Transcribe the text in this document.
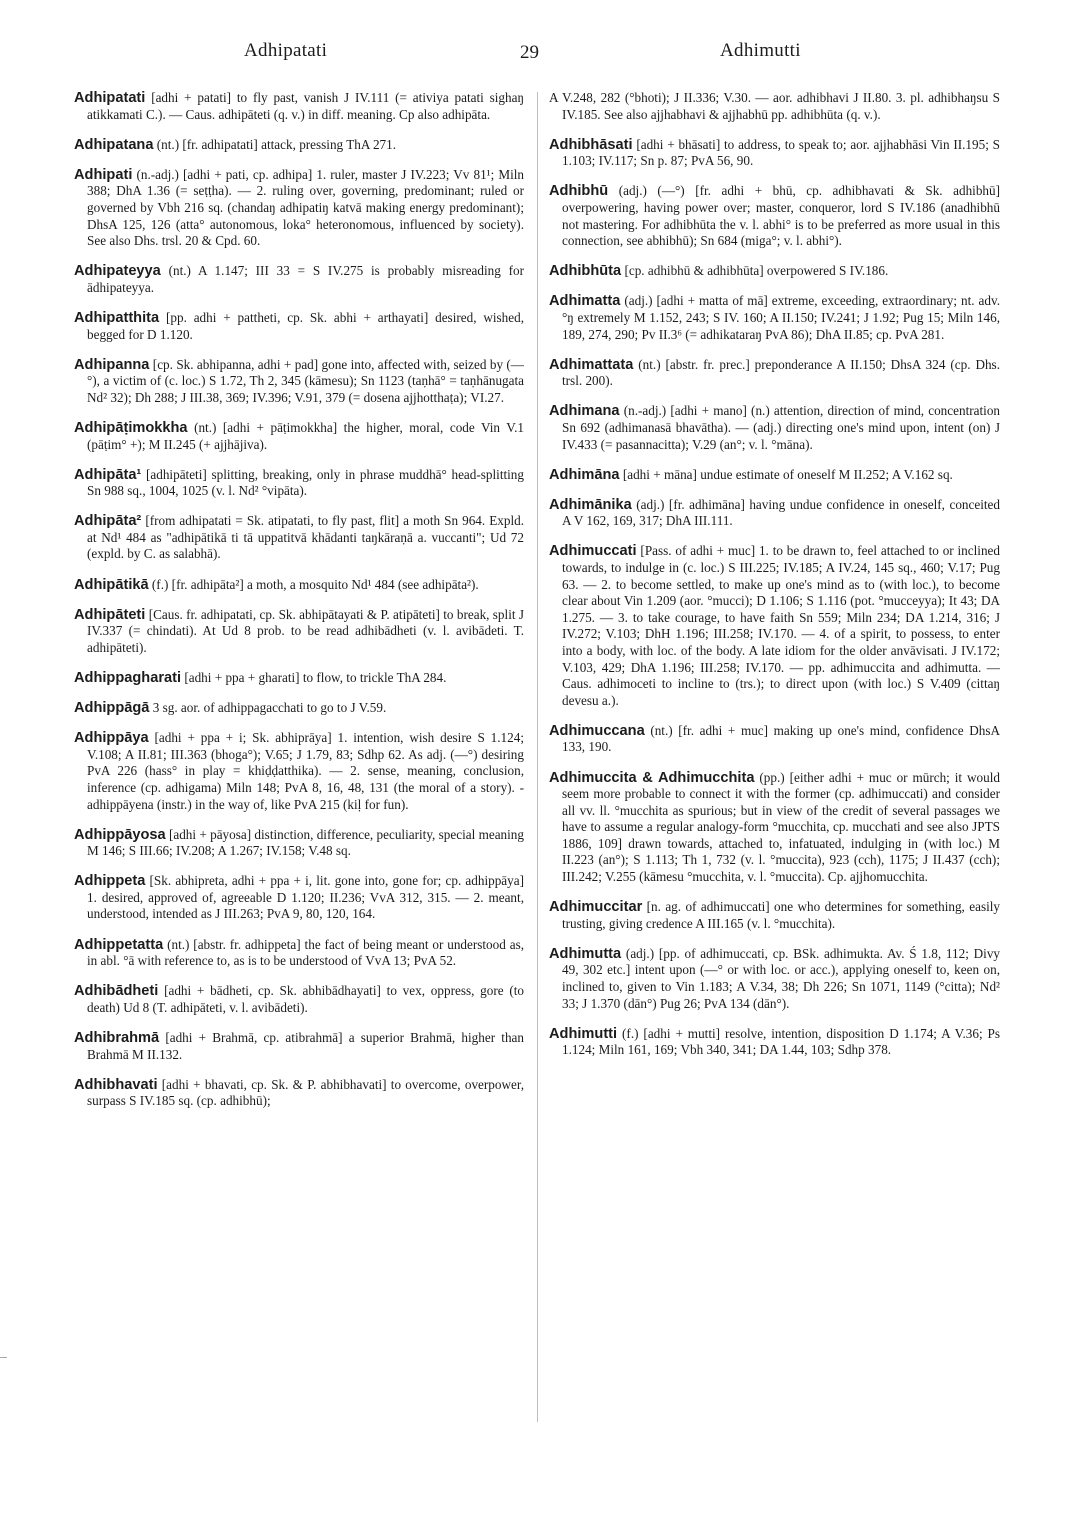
Adhipatati	29	Adhimutti

Adhipatati [adhi + patati] to fly past, vanish J IV.111 (= ativiya patati sighaŋ atikkamati C.). — Caus. adhipāteti (q. v.) in diff. meaning. Cp also adhipāta.

Adhipatana (nt.) [fr. adhipatati] attack, pressing ThA 271.

Adhipati (n.-adj.) [adhi + pati, cp. adhipa] 1. ruler, master J IV.223; Vv 81¹; Miln 388; DhA 1.36 (= seṭṭha). — 2. ruling over, governing, predominant; ruled or governed by Vbh 216 sq. (chandaŋ adhipatiŋ katvā making energy predominant); DhsA 125, 126 (atta° autonomous, loka° heteronomous, influenced by society). See also Dhs. trsl. 20 & Cpd. 60.

Adhipateyya (nt.) A 1.147; III 33 = S IV.275 is probably misreading for ādhipateyya.

Adhipatthita [pp. adhi + pattheti, cp. Sk. abhi + arthayati] desired, wished, begged for D 1.120.

Adhipanna [cp. Sk. abhipanna, adhi + pad] gone into, affected with, seized by (—°), a victim of (c. loc.) S 1.72, Th 2, 345 (kāmesu); Sn 1123 (taṇhā° = taṇhānugata Nd² 32); Dh 288; J III.38, 369; IV.396; V.91, 379 (= dosena ajjhotthaṭa); VI.27.

Adhipāṭimokkha (nt.) [adhi + pāṭimokkha] the higher, moral, code Vin V.1 (pāṭim° +); M II.245 (+ ajjhājiva).

Adhipāta¹ [adhipāteti] splitting, breaking, only in phrase muddhā° head-splitting Sn 988 sq., 1004, 1025 (v. l. Nd² °vipāta).

Adhipāta² [from adhipatati = Sk. atipatati, to fly past, flit] a moth Sn 964. Expld. at Nd¹ 484 as "adhipātikā ti tā uppatitvā khādanti taŋkāraṇā a. vuccanti"; Ud 72 (expld. by C. as salabhā).

Adhipātikā (f.) [fr. adhipāta²] a moth, a mosquito Nd¹ 484 (see adhipāta²).

Adhipāteti [Caus. fr. adhipatati, cp. Sk. abhipātayati & P. atipāteti] to break, split J IV.337 (= chindati). At Ud 8 prob. to be read adhibādheti (v. l. avibādeti. T. adhipāteti).

Adhippagharati [adhi + ppa + gharati] to flow, to trickle ThA 284.

Adhippāgā 3 sg. aor. of adhippagacchati to go to J V.59.

Adhippāya [adhi + ppa + i; Sk. abhiprāya] 1. intention, wish desire S 1.124; V.108; A II.81; III.363 (bhoga°); V.65; J 1.79, 83; Sdhp 62. As adj. (—°) desiring PvA 226 (hass° in play = khiḍḍatthika). — 2. sense, meaning, conclusion, inference (cp. adhigama) Miln 148; PvA 8, 16, 48, 131 (the moral of a story). -adhippāyena (instr.) in the way of, like PvA 215 (kiḷ for fun).

Adhippāyosa [adhi + pāyosa] distinction, difference, peculiarity, special meaning M 146; S III.66; IV.208; A 1.267; IV.158; V.48 sq.

Adhippeta [Sk. abhipreta, adhi + ppa + i, lit. gone into, gone for; cp. adhippāya] 1. desired, approved of, agreeable D 1.120; II.236; VvA 312, 315. — 2. meant, understood, intended as J III.263; PvA 9, 80, 120, 164.

Adhippetatta (nt.) [abstr. fr. adhippeta] the fact of being meant or understood as, in abl. °ā with reference to, as is to be understood of VvA 13; PvA 52.

Adhibādheti [adhi + bādheti, cp. Sk. abhibādhayati] to vex, oppress, gore (to death) Ud 8 (T. adhipāteti, v. l. avibādeti).

Adhibrahmā [adhi + Brahmā, cp. atibrahmā] a superior Brahmā, higher than Brahmā M II.132.

Adhibhavati [adhi + bhavati, cp. Sk. & P. abhibhavati] to overcome, overpower, surpass S IV.185 sq. (cp. adhibhū);

A V.248, 282 (°bhoti); J II.336; V.30. — aor. adhibhavi J II.80. 3. pl. adhibhaŋsu S IV.185. See also ajjhabhavi & ajjhabhū pp. adhibhūta (q. v.).

Adhibhāsati [adhi + bhāsati] to address, to speak to; aor. ajjhabhāsi Vin II.195; S 1.103; IV.117; Sn p. 87; PvA 56, 90.

Adhibhū (adj.) (—°) [fr. adhi + bhū, cp. adhibhavati & Sk. adhibhū] overpowering, having power over; master, conqueror, lord S IV.186 (anadhibhū not mastering. For adhibhūta the v. l. abhi° is to be preferred as more usual in this connection, see abhibhū); Sn 684 (miga°; v. l. abhi°).

Adhibhūta [cp. adhibhū & adhibhūta] overpowered S IV.186.

Adhimatta (adj.) [adhi + matta of mā] extreme, exceeding, extraordinary; nt. adv. °ŋ extremely M 1.152, 243; S IV. 160; A II.150; IV.241; J 1.92; Pug 15; Miln 146, 189, 274, 290; Pv II.3⁶ (= adhikataraŋ PvA 86); DhA II.85; cp. PvA 281.

Adhimattata (nt.) [abstr. fr. prec.] preponderance A II.150; DhsA 324 (cp. Dhs. trsl. 200).

Adhimana (n.-adj.) [adhi + mano] (n.) attention, direction of mind, concentration Sn 692 (adhimanasā bhavātha). — (adj.) directing one's mind upon, intent (on) J IV.433 (= pasannacitta); V.29 (an°; v. l. °māna).

Adhimāna [adhi + māna] undue estimate of oneself M II.252; A V.162 sq.

Adhimānika (adj.) [fr. adhimāna] having undue confidence in oneself, conceited A V 162, 169, 317; DhA III.111.

Adhimuccati [Pass. of adhi + muc] 1. to be drawn to, feel attached to or inclined towards, to indulge in (c. loc.) S III.225; IV.185; A IV.24, 145 sq., 460; V.17; Pug 63. — 2. to become settled, to make up one's mind as to (with loc.), to become clear about Vin 1.209 (aor. °mucci); D 1.106; S 1.116 (pot. °mucceyya); It 43; DA 1.275. — 3. to take courage, to have faith Sn 559; Miln 234; DA 1.214, 316; J IV.272; V.103; DhH 1.196; III.258; IV.170. — 4. of a spirit, to possess, to enter into a body, with loc. of the body. A late idiom for the older anvāvisati. J IV.172; V.103, 429; DhA 1.196; III.258; IV.170. — pp. adhimuccita and adhimutta. — Caus. adhimoceti to incline to (trs.); to direct upon (with loc.) S V.409 (cittaŋ devesu a.).

Adhimuccana (nt.) [fr. adhi + muc] making up one's mind, confidence DhsA 133, 190.

Adhimuccita & Adhimucchita (pp.) [either adhi + muc or mūrch; it would seem more probable to connect it with the former (cp. adhimuccati) and consider all vv. ll. °mucchita as spurious; but in view of the credit of several passages we have to assume a regular analogy-form °mucchita, cp. mucchati and see also JPTS 1886, 109] drawn towards, attached to, infatuated, indulging in (with loc.) M II.223 (an°); S 1.113; Th 1, 732 (v. l. °muccita), 923 (cch), 1175; J II.437 (cch); III.242; V.255 (kāmesu °mucchita, v. l. °muccita). Cp. ajjhomucchita.

Adhimuccitar [n. ag. of adhimuccati] one who determines for something, easily trusting, giving credence A III.165 (v. l. °mucchita).

Adhimutta (adj.) [pp. of adhimuccati, cp. BSk. adhimukta. Av. Ś 1.8, 112; Divy 49, 302 etc.] intent upon (—° or with loc. or acc.), applying oneself to, keen on, inclined to, given to Vin 1.183; A V.34, 38; Dh 226; Sn 1071, 1149 (°citta); Nd² 33; J 1.370 (dān°) Pug 26; PvA 134 (dān°).

Adhimutti (f.) [adhi + mutti] resolve, intention, disposition D 1.174; A V.36; Ps 1.124; Miln 161, 169; Vbh 340, 341; DA 1.44, 103; Sdhp 378.
